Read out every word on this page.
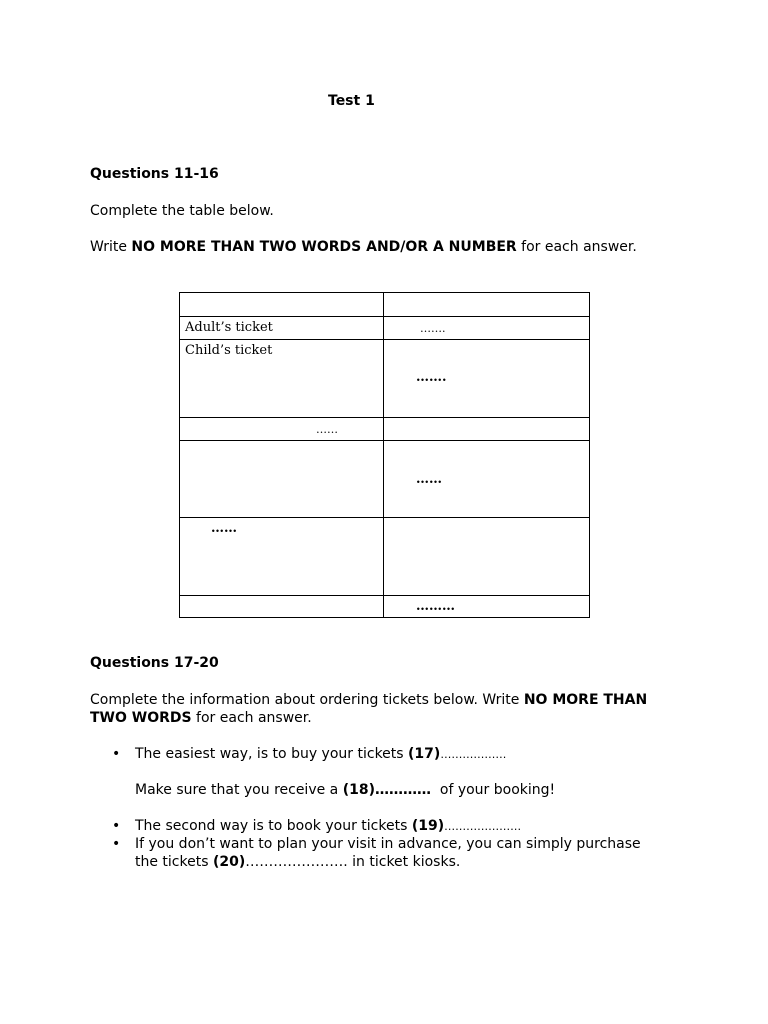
Test 1
Questions 11-16
Complete the table below.
Write NO MORE THAN TWO WORDS AND/OR A NUMBER for each answer.
Adult’s ticket	…….
Child’s ticket
…….
……
……
……
………
Questions 17-20
Complete the information about ordering tickets below. Write NO MORE THAN
TWO WORDS for each answer.
• The easiest way, is to buy your tickets (17)………………
Make sure that you receive a (18)…………  of your booking!
• The second way is to book your tickets (19)…………………
• If you don’t want to plan your visit in advance, you can simply purchase
the tickets (20)…………………. in ticket kiosks.
